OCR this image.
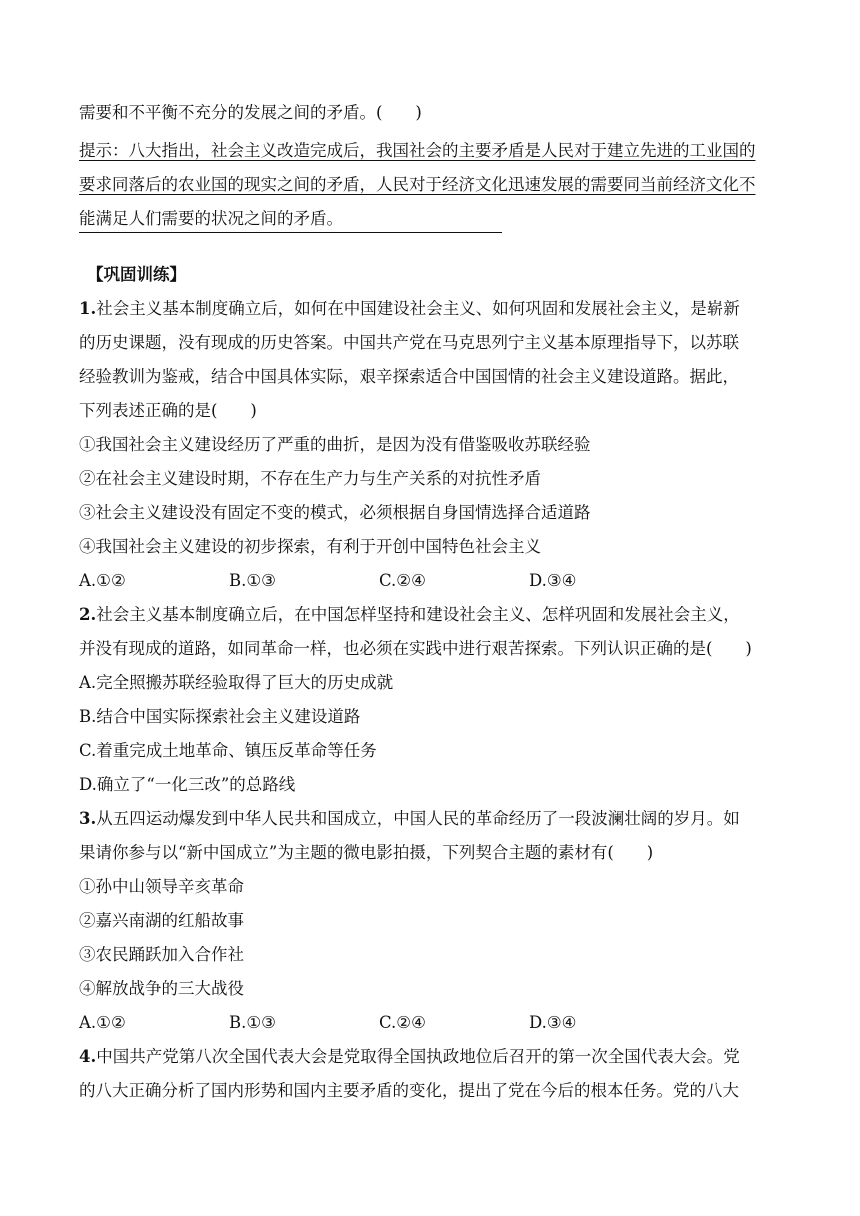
需要和不平衡不充分的发展之间的矛盾。(　　)
提示：八大指出，社会主义改造完成后，我国社会的主要矛盾是人民对于建立先进的工业国的
要求同落后的农业国的现实之间的矛盾，人民对于经济文化迅速发展的需要同当前经济文化不
能满足人们需要的状况之间的矛盾。
【巩固训练】
1.社会主义基本制度确立后，如何在中国建设社会主义、如何巩固和发展社会主义，是崭新
的历史课题，没有现成的历史答案。中国共产党在马克思列宁主义基本原理指导下，以苏联
经验教训为鉴戒，结合中国具体实际，艰辛探索适合中国国情的社会主义建设道路。据此，
下列表述正确的是(　　)
①我国社会主义建设经历了严重的曲折，是因为没有借鉴吸收苏联经验
②在社会主义建设时期，不存在生产力与生产关系的对抗性矛盾
③社会主义建设没有固定不变的模式，必须根据自身国情选择合适道路
④我国社会主义建设的初步探索，有利于开创中国特色社会主义
A.①②	B.①③	C.②④	D.③④
2.社会主义基本制度确立后，在中国怎样坚持和建设社会主义、怎样巩固和发展社会主义，
并没有现成的道路，如同革命一样，也必须在实践中进行艰苦探索。下列认识正确的是(　　)
A.完全照搬苏联经验取得了巨大的历史成就
B.结合中国实际探索社会主义建设道路
C.着重完成土地革命、镇压反革命等任务
D.确立了“一化三改”的总路线
3.从五四运动爆发到中华人民共和国成立，中国人民的革命经历了一段波澜壮阔的岁月。如
果请你参与以“新中国成立”为主题的微电影拍摄，下列契合主题的素材有(　　)
①孙中山领导辛亥革命
②嘉兴南湖的红船故事
③农民踊跃加入合作社
④解放战争的三大战役
A.①②	B.①③	C.②④	D.③④
4.中国共产党第八次全国代表大会是党取得全国执政地位后召开的第一次全国代表大会。党
的八大正确分析了国内形势和国内主要矛盾的变化，提出了党在今后的根本任务。党的八大
